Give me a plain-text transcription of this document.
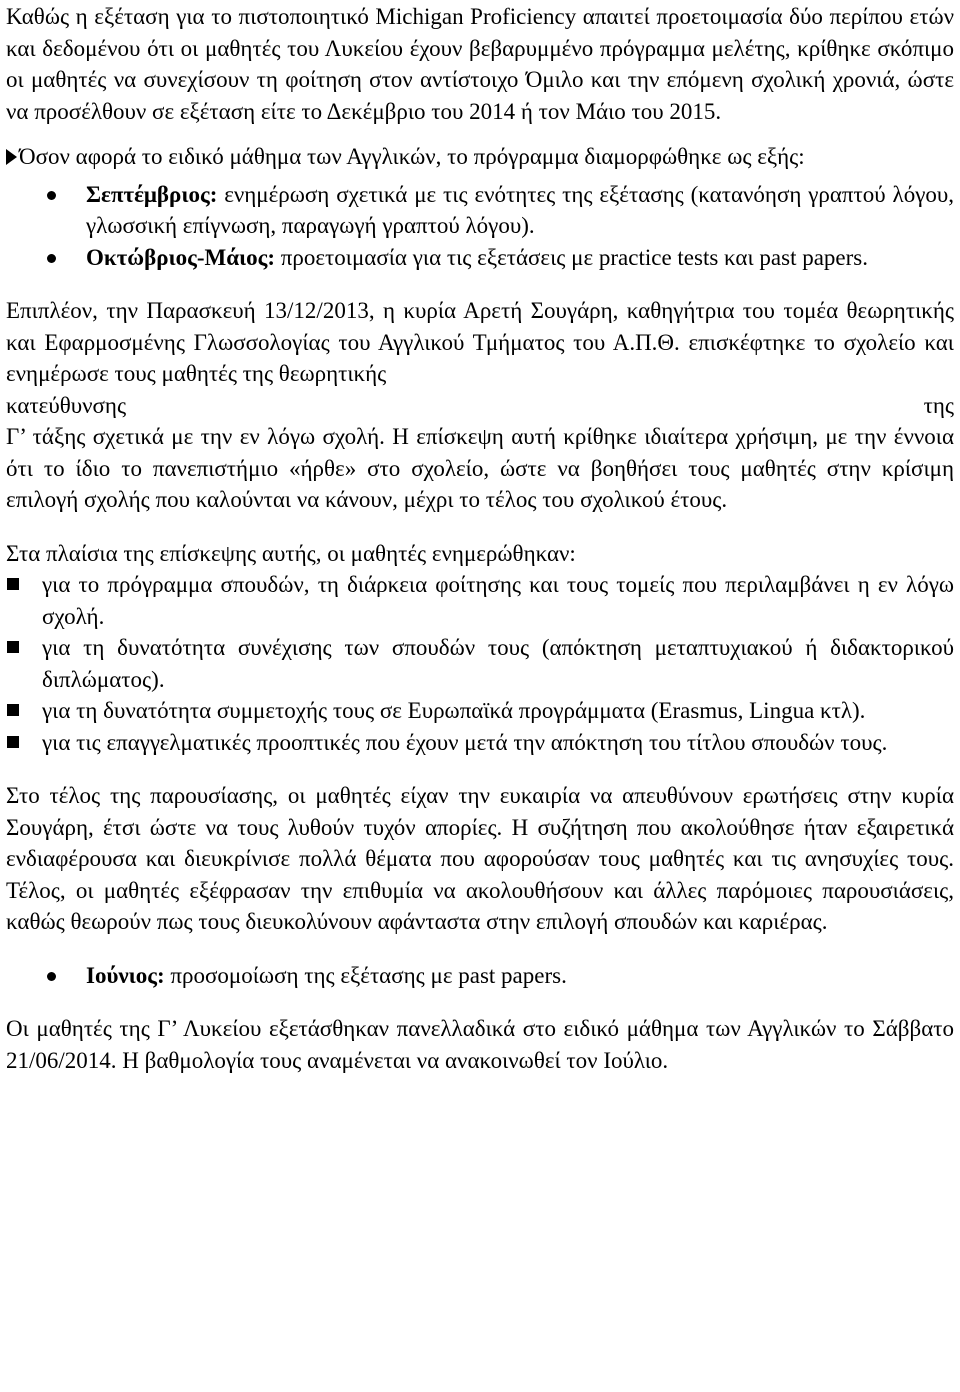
Καθώς η εξέταση για το πιστοποιητικό Michigan Proficiency απαιτεί προετοιμασία δύο περίπου ετών και δεδομένου ότι οι μαθητές του Λυκείου έχουν βεβαρυμμένο πρόγραμμα μελέτης, κρίθηκε σκόπιμο οι μαθητές να συνεχίσουν τη φοίτηση στον αντίστοιχο Όμιλο και την επόμενη σχολική χρονιά, ώστε να προσέλθουν σε εξέταση είτε το Δεκέμβριο του 2014 ή τον Μάιο του 2015.

Όσον αφορά το ειδικό μάθημα των Αγγλικών, το πρόγραμμα διαμορφώθηκε ως εξής:

Σεπτέμβριος: ενημέρωση σχετικά με τις ενότητες της εξέτασης (κατανόηση γραπτού λόγου, γλωσσική επίγνωση, παραγωγή γραπτού λόγου).
Οκτώβριος-Μάιος: προετοιμασία για τις εξετάσεις με practice tests και past papers.

Επιπλέον, την Παρασκευή 13/12/2013, η κυρία Αρετή Σουγάρη, καθηγήτρια του τομέα θεωρητικής και Εφαρμοσμένης Γλωσσολογίας του Αγγλικού Τμήματος του Α.Π.Θ. επισκέφτηκε το σχολείο και ενημέρωσε τους μαθητές της θεωρητικής

κατεύθυνσης	της

Γ’ τάξης σχετικά με την εν λόγω σχολή. Η επίσκεψη αυτή κρίθηκε ιδιαίτερα χρήσιμη, με την έννοια ότι το ίδιο το πανεπιστήμιο «ήρθε» στο σχολείο, ώστε να βοηθήσει τους μαθητές στην κρίσιμη επιλογή σχολής που καλούνται να κάνουν, μέχρι το τέλος του σχολικού έτους.

Στα πλαίσια της επίσκεψης αυτής, οι μαθητές ενημερώθηκαν:

για το πρόγραμμα σπουδών, τη διάρκεια φοίτησης και τους τομείς που περιλαμβάνει η εν λόγω σχολή.
για τη δυνατότητα συνέχισης των σπουδών τους (απόκτηση μεταπτυχιακού ή διδακτορικού διπλώματος).
για τη δυνατότητα συμμετοχής τους σε Ευρωπαϊκά προγράμματα (Erasmus, Lingua κτλ).
για τις επαγγελματικές προοπτικές που έχουν μετά την απόκτηση του τίτλου σπουδών τους.

Στο τέλος της παρουσίασης, οι μαθητές είχαν την ευκαιρία να απευθύνουν ερωτήσεις στην κυρία Σουγάρη, έτσι ώστε να τους λυθούν τυχόν απορίες. Η συζήτηση που ακολούθησε ήταν εξαιρετικά ενδιαφέρουσα και διευκρίνισε πολλά θέματα που αφορούσαν τους μαθητές και τις ανησυχίες τους. Τέλος, οι μαθητές εξέφρασαν την επιθυμία να ακολουθήσουν και άλλες παρόμοιες παρουσιάσεις, καθώς θεωρούν πως τους διευκολύνουν αφάνταστα στην επιλογή σπουδών και καριέρας.

Ιούνιος: προσομοίωση της εξέτασης με past papers.

Οι μαθητές της Γ’ Λυκείου εξετάσθηκαν πανελλαδικά στο ειδικό μάθημα των Αγγλικών το Σάββατο 21/06/2014. Η βαθμολογία τους αναμένεται να ανακοινωθεί τον Ιούλιο.
